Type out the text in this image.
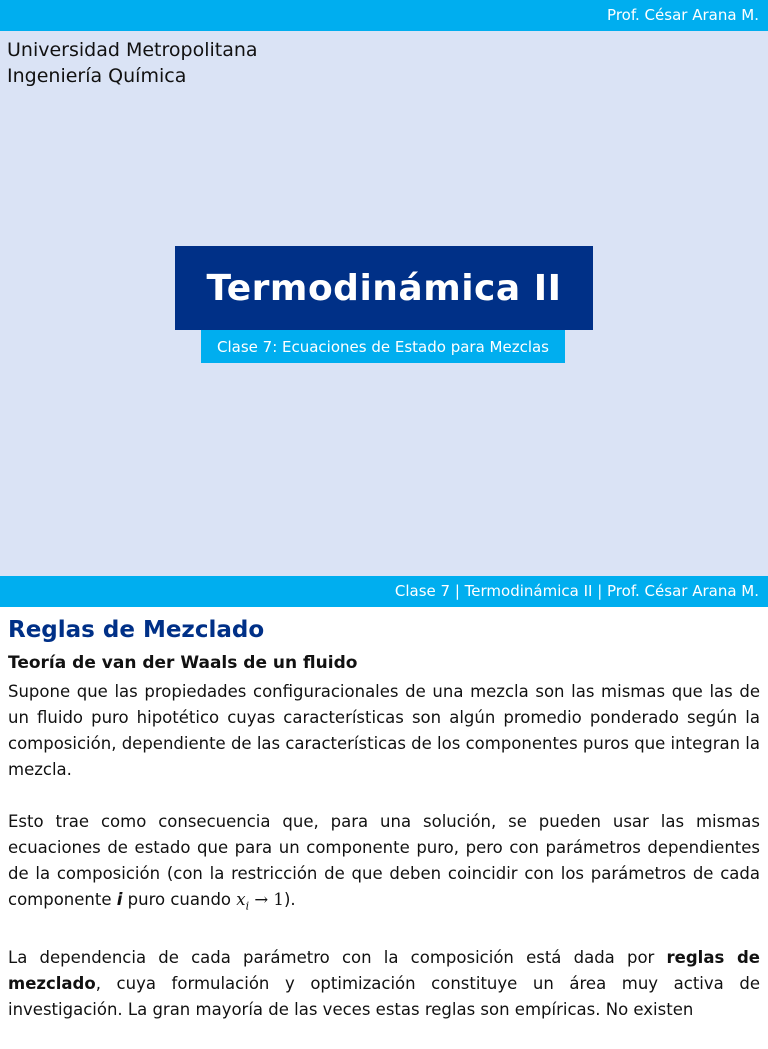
Prof. César Arana M.
Universidad Metropolitana
Ingeniería Química
Termodinámica II
Clase 7: Ecuaciones de Estado para Mezclas
Clase 7 | Termodinámica II | Prof. César Arana M.
Reglas de Mezclado
Teoría de van der Waals de un fluido

Supone que las propiedades configuracionales de una mezcla son las mismas que las de un fluido puro hipotético cuyas características son algún promedio ponderado según la composición, dependiente de las características de los componentes puros que integran la mezcla.

Esto trae como consecuencia que, para una solución, se pueden usar las mismas ecuaciones de estado que para un componente puro, pero con parámetros dependientes de la composición (con la restricción de que deben coincidir con los parámetros de cada componente i puro cuando $x_i \to 1$).

La dependencia de cada parámetro con la composición está dada por reglas de mezclado, cuya formulación y optimización constituye un área muy activa de investigación. La gran mayoría de las veces estas reglas son empíricas. No existen
